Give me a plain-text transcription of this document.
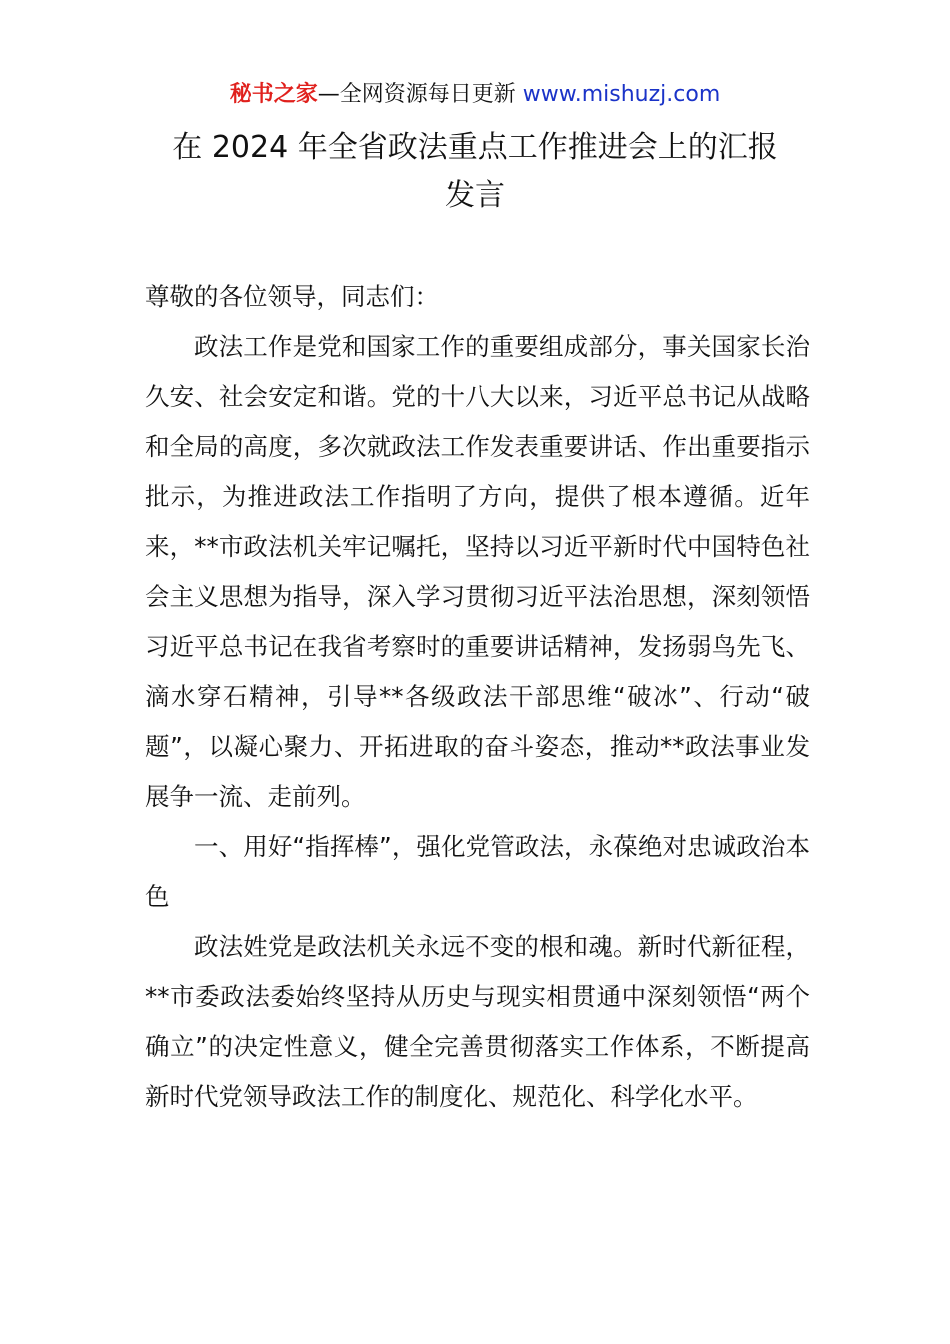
秘书之家—全网资源每日更新 www.mishuzj.com
在 2024 年全省政法重点工作推进会上的汇报
发言

尊敬的各位领导，同志们：

政法工作是党和国家工作的重要组成部分，事关国家长治久安、社会安定和谐。党的十八大以来，习近平总书记从战略和全局的高度，多次就政法工作发表重要讲话、作出重要指示批示，为推进政法工作指明了方向，提供了根本遵循。近年来，**市政法机关牢记嘱托，坚持以习近平新时代中国特色社会主义思想为指导，深入学习贯彻习近平法治思想，深刻领悟习近平总书记在我省考察时的重要讲话精神，发扬弱鸟先飞、滴水穿石精神，引导**各级政法干部思维“破冰”、行动“破题”，以凝心聚力、开拓进取的奋斗姿态，推动**政法事业发展争一流、走前列。

一、用好“指挥棒”，强化党管政法，永葆绝对忠诚政治本色

政法姓党是政法机关永远不变的根和魂。新时代新征程，**市委政法委始终坚持从历史与现实相贯通中深刻领悟“两个确立”的决定性意义，健全完善贯彻落实工作体系，不断提高新时代党领导政法工作的制度化、规范化、科学化水平。
